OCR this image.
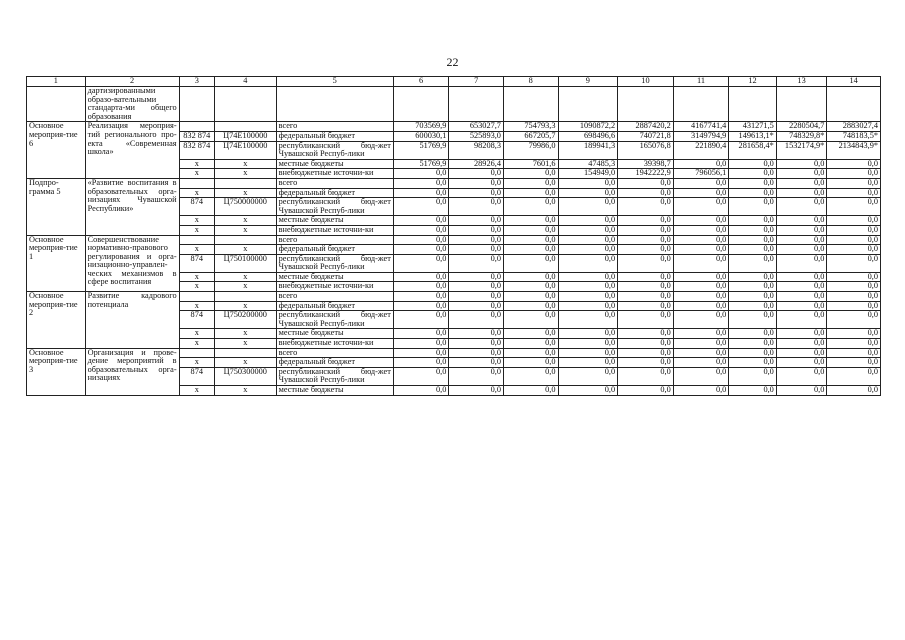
22
1	2	3	4	5	6	7	8	9	10	11	12	13	14
	дартизированными образо-вательными стандарта-ми общего образования												
Основное мероприя-тие 6	Реализация мероприя-тий регионального про-екта «Современная школа»			всего	703569,9	653027,7	754793,3	1090872,2	2887420,2	4167741,4	431271,5	2280504,7	2883027,4
		832 874	Ц74Е100000	федеральный бюджет	600030,1	525893,0	667205,7	698496,6	740721,8	3149794,9	149613,1*	748329,8*	748183,5*
		832 874	Ц74Е100000	республиканский бюд-жет Чувашской Респуб-лики	51769,9	98208,3	79986,0	189941,3	165076,8	221890,4	281658,4*	1532174,9*	2134843,9*
		х	х	местные бюджеты	51769,9	28926,4	7601,6	47485,3	39398,7	0,0	0,0	0,0	0,0
		х	х	внебюджетные источни-ки	0,0	0,0	0,0	154949,0	1942222,9	796056,1	0,0	0,0	0,0
Подпро-грамма 5	«Развитие воспитания в образовательных орга-низациях Чувашской Республики»			всего	0,0	0,0	0,0	0,0	0,0	0,0	0,0	0,0	0,0
		х	х	федеральный бюджет	0,0	0,0	0,0	0,0	0,0	0,0	0,0	0,0	0,0
		874	Ц750000000	республиканский бюд-жет Чувашской Респуб-лики	0,0	0,0	0,0	0,0	0,0	0,0	0,0	0,0	0,0
		х	х	местные бюджеты	0,0	0,0	0,0	0,0	0,0	0,0	0,0	0,0	0,0
		х	х	внебюджетные источни-ки	0,0	0,0	0,0	0,0	0,0	0,0	0,0	0,0	0,0
Основное мероприя-тие 1	Совершенствование нормативно-правового регулирования и орга-низационно-управлен-ческих механизмов в сфере воспитания			всего	0,0	0,0	0,0	0,0	0,0	0,0	0,0	0,0	0,0
		х	х	федеральный бюджет	0,0	0,0	0,0	0,0	0,0	0,0	0,0	0,0	0,0
		874	Ц750100000	республиканский бюд-жет Чувашской Респуб-лики	0,0	0,0	0,0	0,0	0,0	0,0	0,0	0,0	0,0
		х	х	местные бюджеты	0,0	0,0	0,0	0,0	0,0	0,0	0,0	0,0	0,0
		х	х	внебюджетные источни-ки	0,0	0,0	0,0	0,0	0,0	0,0	0,0	0,0	0,0
Основное мероприя-тие 2	Развитие кадрового потенциала			всего	0,0	0,0	0,0	0,0	0,0	0,0	0,0	0,0	0,0
		х	х	федеральный бюджет	0,0	0,0	0,0	0,0	0,0	0,0	0,0	0,0	0,0
		874	Ц750200000	республиканский бюд-жет Чувашской Респуб-лики	0,0	0,0	0,0	0,0	0,0	0,0	0,0	0,0	0,0
		х	х	местные бюджеты	0,0	0,0	0,0	0,0	0,0	0,0	0,0	0,0	0,0
		х	х	внебюджетные источни-ки	0,0	0,0	0,0	0,0	0,0	0,0	0,0	0,0	0,0
Основное мероприя-тие 3	Организация и прове-дение мероприятий в образовательных орга-низациях			всего	0,0	0,0	0,0	0,0	0,0	0,0	0,0	0,0	0,0
		х	х	федеральный бюджет	0,0	0,0	0,0	0,0	0,0	0,0	0,0	0,0	0,0
		874	Ц750300000	республиканский бюд-жет Чувашской Респуб-лики	0,0	0,0	0,0	0,0	0,0	0,0	0,0	0,0	0,0
		х	х	местные бюджеты	0,0	0,0	0,0	0,0	0,0	0,0	0,0	0,0	0,0
